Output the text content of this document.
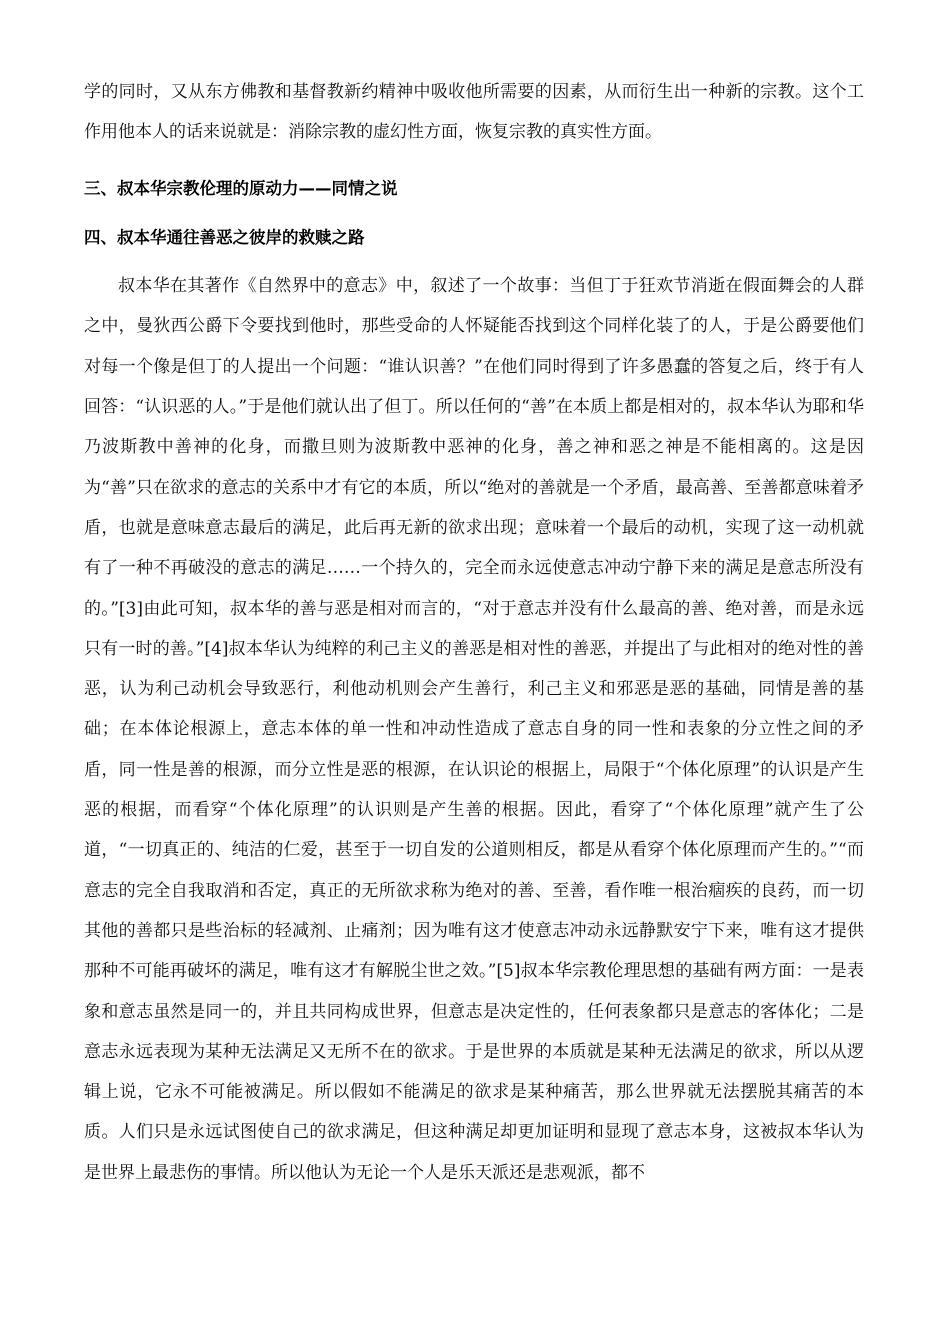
学的同时，又从东方佛教和基督教新约精神中吸收他所需要的因素，从而衍生出一种新的宗教。这个工作用他本人的话来说就是：消除宗教的虚幻性方面，恢复宗教的真实性方面。

三、叔本华宗教伦理的原动力——同情之说
四、叔本华通往善恶之彼岸的救赎之路

叔本华在其著作《自然界中的意志》中，叙述了一个故事：当但丁于狂欢节消逝在假面舞会的人群之中，曼狄西公爵下令要找到他时，那些受命的人怀疑能否找到这个同样化装了的人，于是公爵要他们对每一个像是但丁的人提出一个问题：“谁认识善？”在他们同时得到了许多愚蠢的答复之后，终于有人回答：“认识恶的人。”于是他们就认出了但丁。所以任何的“善”在本质上都是相对的，叔本华认为耶和华乃波斯教中善神的化身，而撒旦则为波斯教中恶神的化身，善之神和恶之神是不能相离的。这是因为“善”只在欲求的意志的关系中才有它的本质，所以“绝对的善就是一个矛盾，最高善、至善都意味着矛盾，也就是意味意志最后的满足，此后再无新的欲求出现；意味着一个最后的动机，实现了这一动机就有了一种不再破没的意志的满足……一个持久的，完全而永远使意志冲动宁静下来的满足是意志所没有的。”[3]由此可知，叔本华的善与恶是相对而言的，“对于意志并没有什么最高的善、绝对善，而是永远只有一时的善。”[4]叔本华认为纯粹的利己主义的善恶是相对性的善恶，并提出了与此相对的绝对性的善恶，认为利己动机会导致恶行，利他动机则会产生善行，利己主义和邪恶是恶的基础，同情是善的基础；在本体论根源上，意志本体的单一性和冲动性造成了意志自身的同一性和表象的分立性之间的矛盾，同一性是善的根源，而分立性是恶的根源，在认识论的根据上，局限于“个体化原理”的认识是产生恶的根据，而看穿“个体化原理”的认识则是产生善的根据。因此，看穿了“个体化原理”就产生了公道，“一切真正的、纯洁的仁爱，甚至于一切自发的公道则相反，都是从看穿个体化原理而产生的。”“而意志的完全自我取消和否定，真正的无所欲求称为绝对的善、至善，看作唯一根治痼疾的良药，而一切其他的善都只是些治标的轻减剂、止痛剂；因为唯有这才使意志冲动永远静默安宁下来，唯有这才提供那种不可能再破坏的满足，唯有这才有解脱尘世之效。”[5]叔本华宗教伦理思想的基础有两方面：一是表象和意志虽然是同一的，并且共同构成世界，但意志是决定性的，任何表象都只是意志的客体化；二是意志永远表现为某种无法满足又无所不在的欲求。于是世界的本质就是某种无法满足的欲求，所以从逻辑上说，它永不可能被满足。所以假如不能满足的欲求是某种痛苦，那么世界就无法摆脱其痛苦的本质。人们只是永远试图使自己的欲求满足，但这种满足却更加证明和显现了意志本身，这被叔本华认为是世界上最悲伤的事情。所以他认为无论一个人是乐天派还是悲观派，都不
